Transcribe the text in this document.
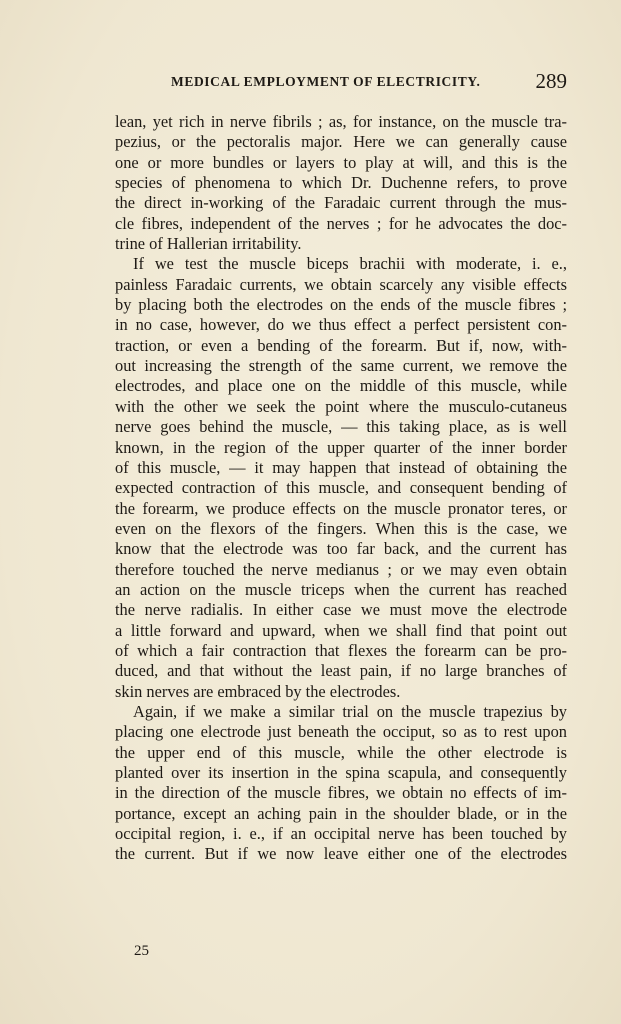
MEDICAL EMPLOYMENT OF ELECTRICITY.	289
lean, yet rich in nerve fibrils ; as, for instance, on the muscle tra-
pezius, or the pectoralis major. Here we can generally cause
one or more bundles or layers to play at will, and this is the
species of phenomena to which Dr. Duchenne refers, to prove
the direct in-working of the Faradaic current through the mus-
cle fibres, independent of the nerves ; for he advocates the doc-
trine of Hallerian irritability.
If we test the muscle biceps brachii with moderate, i. e.,
painless Faradaic currents, we obtain scarcely any visible effects
by placing both the electrodes on the ends of the muscle fibres ;
in no case, however, do we thus effect a perfect persistent con-
traction, or even a bending of the forearm. But if, now, with-
out increasing the strength of the same current, we remove the
electrodes, and place one on the middle of this muscle, while
with the other we seek the point where the musculo-cutaneus
nerve goes behind the muscle, — this taking place, as is well
known, in the region of the upper quarter of the inner border
of this muscle, — it may happen that instead of obtaining the
expected contraction of this muscle, and consequent bending of
the forearm, we produce effects on the muscle pronator teres, or
even on the flexors of the fingers. When this is the case, we
know that the electrode was too far back, and the current has
therefore touched the nerve medianus ; or we may even obtain
an action on the muscle triceps when the current has reached
the nerve radialis. In either case we must move the electrode
a little forward and upward, when we shall find that point out
of which a fair contraction that flexes the forearm can be pro-
duced, and that without the least pain, if no large branches of
skin nerves are embraced by the electrodes.
Again, if we make a similar trial on the muscle trapezius by
placing one electrode just beneath the occiput, so as to rest upon
the upper end of this muscle, while the other electrode is
planted over its insertion in the spina scapula, and consequently
in the direction of the muscle fibres, we obtain no effects of im-
portance, except an aching pain in the shoulder blade, or in the
occipital region, i. e., if an occipital nerve has been touched by
the current. But if we now leave either one of the electrodes
25
